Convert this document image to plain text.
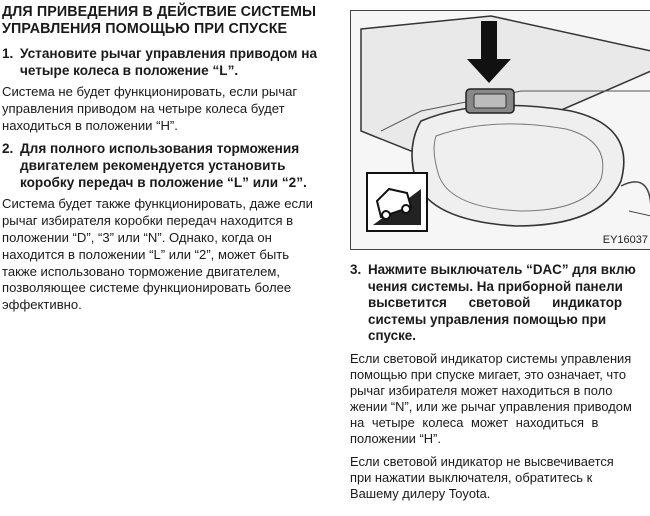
ДЛЯ ПРИВЕДЕНИЯ В ДЕЙСТВИЕ СИСТЕМЫ УПРАВЛЕНИЯ ПОМОЩЬЮ ПРИ СПУСКЕ
1. Установите рычаг управления приводом на четыре колеса в положение “L”.
Система не будет функционировать, если рычаг управления приводом на четыре колеса будет находиться в положении “H”.
2. Для полного использования торможения двигателем рекомендуется установить коробку передач в положение “L” или “2”.
Система будет также функционировать, даже если рычаг избирателя коробки передач находится в положении “D”, “3” или “N”. Однако, когда он находится в положении “L” или “2”, может быть также использовано торможение двигателем, позволяющее системе функционировать более эффективно.
EY16037
3. Нажмите выключатель “DAC” для вклю
чения системы. На приборной панели
высветится световой индикатор
системы управления помощью при
спуске.
Если световой индикатор системы управления
помощью при спуске мигает, это означает, что
рычаг избирателя может находиться в поло
жении “N”, или же рычаг управления приводом
на четыре колеса может находиться в
положении “H”.
Если световой индикатор не высвечивается
при нажатии выключателя, обратитесь к
Вашему дилеру Toyota.
